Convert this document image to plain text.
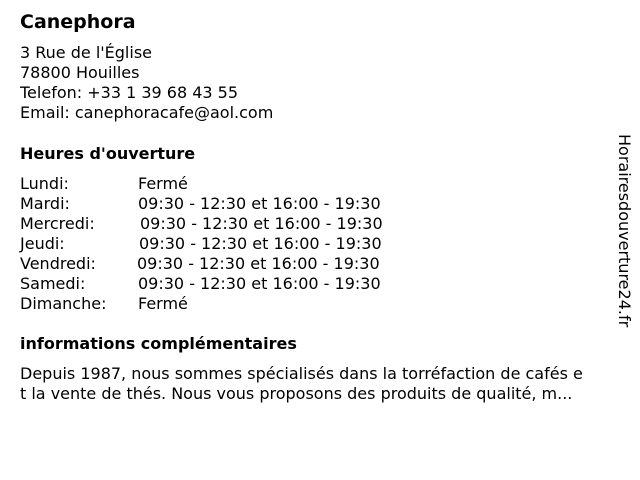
Canephora
3 Rue de l'Église
78800 Houilles
Telefon: +33 1 39 68 43 55
Email: canephoracafe@aol.com
Heures d'ouverture
Lundi:	Fermé
Mardi:	09:30 - 12:30 et 16:00 - 19:30
Mercredi:	09:30 - 12:30 et 16:00 - 19:30
Jeudi:	09:30 - 12:30 et 16:00 - 19:30
Vendredi:	09:30 - 12:30 et 16:00 - 19:30
Samedi:	09:30 - 12:30 et 16:00 - 19:30
Dimanche: Fermé
informations complémentaires
Depuis 1987, nous sommes spécialisés dans la torréfaction de cafés e
t la vente de thés. Nous vous proposons des produits de qualité, m...
Horairesdouverture24.fr
